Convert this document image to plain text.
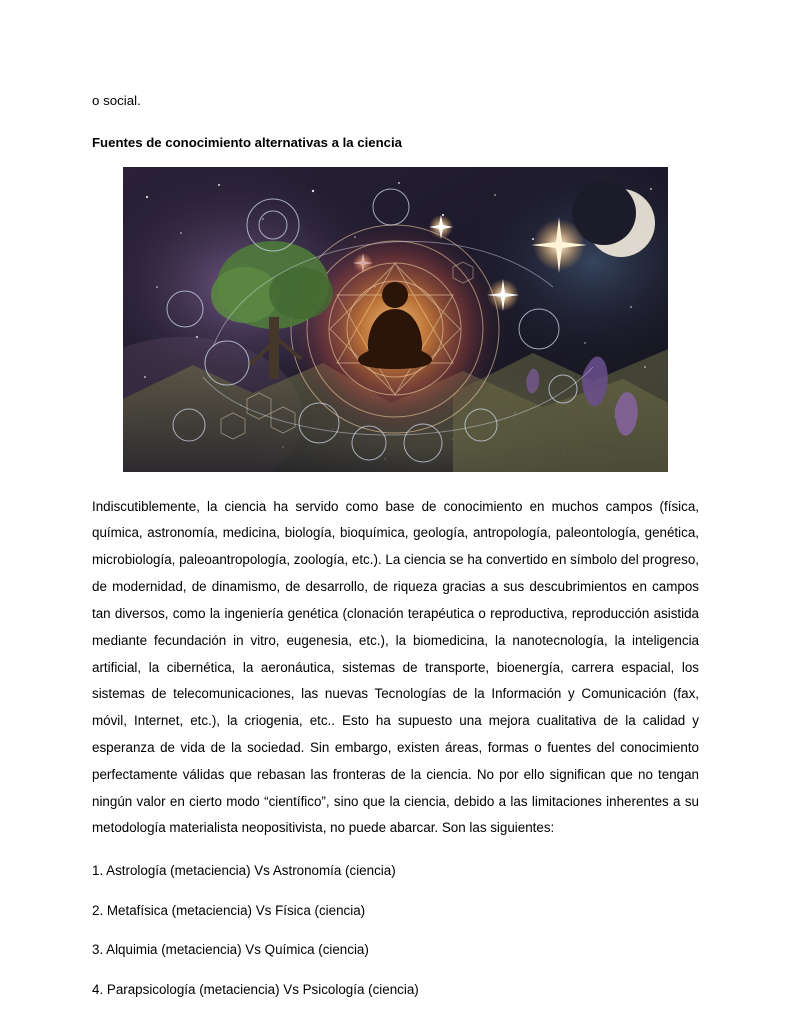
o social.

Fuentes de conocimiento alternativas a la ciencia

Indiscutiblemente, la ciencia ha servido como base de conocimiento en muchos campos (física, química, astronomía, medicina, biología, bioquímica, geología, antropología, paleontología, genética, microbiología, paleoantropología, zoología, etc.). La ciencia se ha convertido en símbolo del progreso, de modernidad, de dinamismo, de desarrollo, de riqueza gracias a sus descubrimientos en campos tan diversos, como la ingeniería genética (clonación terapéutica o reproductiva, reproducción asistida mediante fecundación in vitro, eugenesia, etc.), la biomedicina, la nanotecnología, la inteligencia artificial, la cibernética, la aeronáutica, sistemas de transporte, bioenergía, carrera espacial, los sistemas de telecomunicaciones, las nuevas Tecnologías de la Información y Comunicación (fax, móvil, Internet, etc.), la criogenia, etc.. Esto ha supuesto una mejora cualitativa de la calidad y esperanza de vida de la sociedad. Sin embargo, existen áreas, formas o fuentes del conocimiento perfectamente válidas que rebasan las fronteras de la ciencia. No por ello significan que no tengan ningún valor en cierto modo “científico”, sino que la ciencia, debido a las limitaciones inherentes a su metodología materialista neopositivista, no puede abarcar. Son las siguientes:

1. Astrología (metaciencia) Vs Astronomía (ciencia)

2. Metafísica (metaciencia) Vs Física (ciencia)

3. Alquimia (metaciencia) Vs Química (ciencia)

4. Parapsicología (metaciencia) Vs Psicología (ciencia)
